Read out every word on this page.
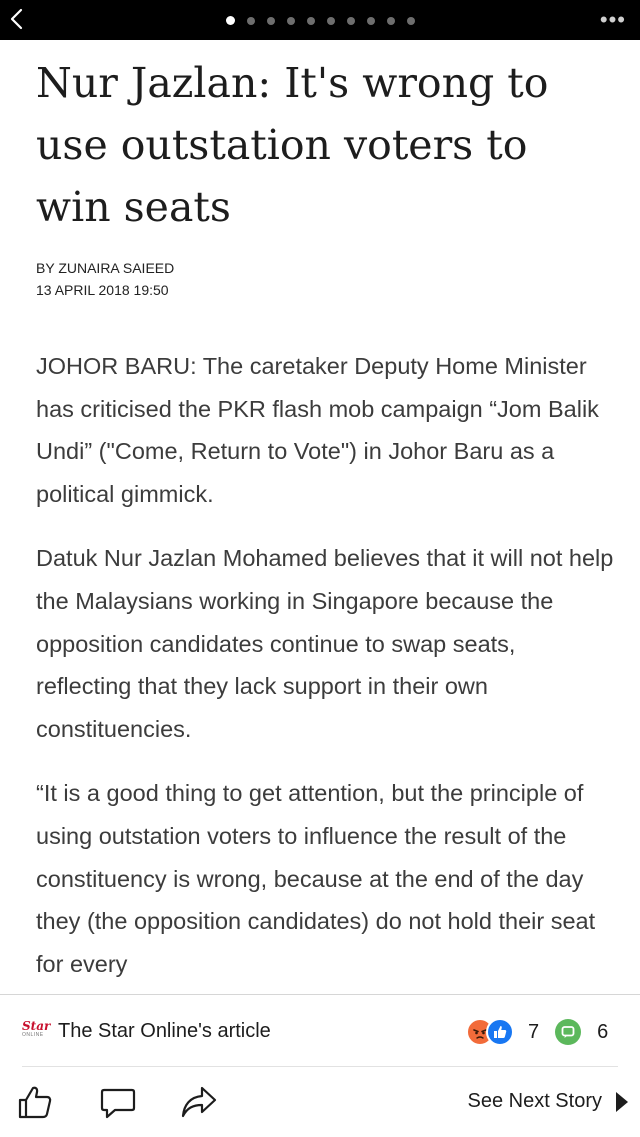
•••
Nur Jazlan: It's wrong to use outstation voters to win seats
BY ZUNAIRA SAIEED
13 APRIL 2018 19:50

JOHOR BARU: The caretaker Deputy Home Minister has criticised the PKR flash mob campaign “Jom Balik Undi” ("Come, Return to Vote") in Johor Baru as a political gimmick.

Datuk Nur Jazlan Mohamed believes that it will not help the Malaysians working in Singapore because the opposition candidates continue to swap seats, reflecting that they lack support in their own constituencies.

“It is a good thing to get attention, but the principle of using outstation voters to influence the result of the constituency is wrong, because at the end of the day they (the opposition candidates) do not hold their seat for every

Star
ONLINE The Star Online's article	7	6
See Next Story
